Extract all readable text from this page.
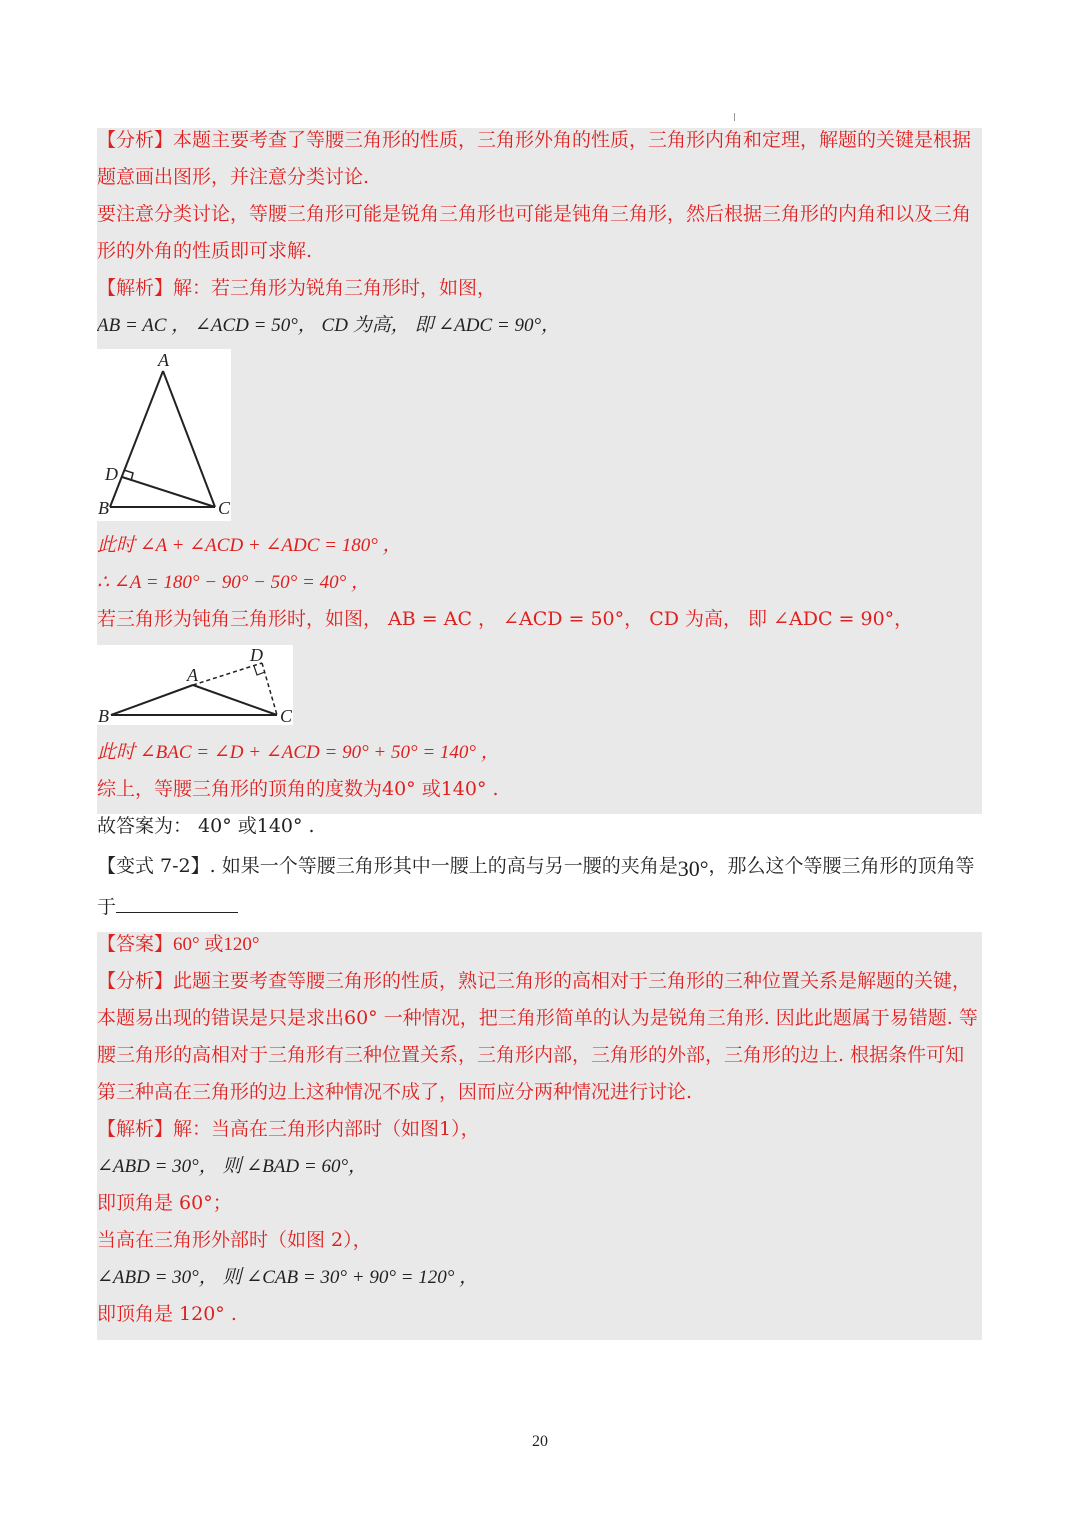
A
B	C
D
A
B	C
D
【分析】本题主要考查了等腰三角形的性质，三角形外角的性质，三角形内角和定理，解题的关键是根据
题意画出图形，并注意分类讨论.
要注意分类讨论，等腰三角形可能是锐角三角形也可能是钝角三角形，然后根据三角形的内角和以及三角
形的外角的性质即可求解.
【解析】解：若三角形为锐角三角形时，如图，
AB = AC ， ∠ACD = 50°， CD 为高， 即 ∠ADC = 90°，
此时 ∠A + ∠ACD + ∠ADC = 180° ，
∴ ∠A = 180° − 90° − 50° = 40° ，
若三角形为钝角三角形时，如图， AB = AC ， ∠ACD = 50°， CD 为高， 即 ∠ADC = 90°，
此时 ∠BAC = ∠D + ∠ACD = 90° + 50° = 140° ，
综上，等腰三角形的顶角的度数为40° 或140° .
故答案为： 40° 或140° .
【变式 7-2】. 如果一个等腰三角形其中一腰上的高与另一腰的夹角是30°，那么这个等腰三角形的顶角等
于
【答案】60° 或120°
【分析】此题主要考查等腰三角形的性质，熟记三角形的高相对于三角形的三种位置关系是解题的关键，
本题易出现的错误是只是求出60° 一种情况，把三角形简单的认为是锐角三角形. 因此此题属于易错题. 等
腰三角形的高相对于三角形有三种位置关系，三角形内部，三角形的外部，三角形的边上. 根据条件可知
第三种高在三角形的边上这种情况不成了，因而应分两种情况进行讨论.
【解析】解：当高在三角形内部时（如图1），
∠ABD = 30°， 则 ∠BAD = 60°，
即顶角是 60°；
当高在三角形外部时（如图 2），
∠ABD = 30°， 则 ∠CAB = 30° + 90° = 120° ，
即顶角是 120° .
20
